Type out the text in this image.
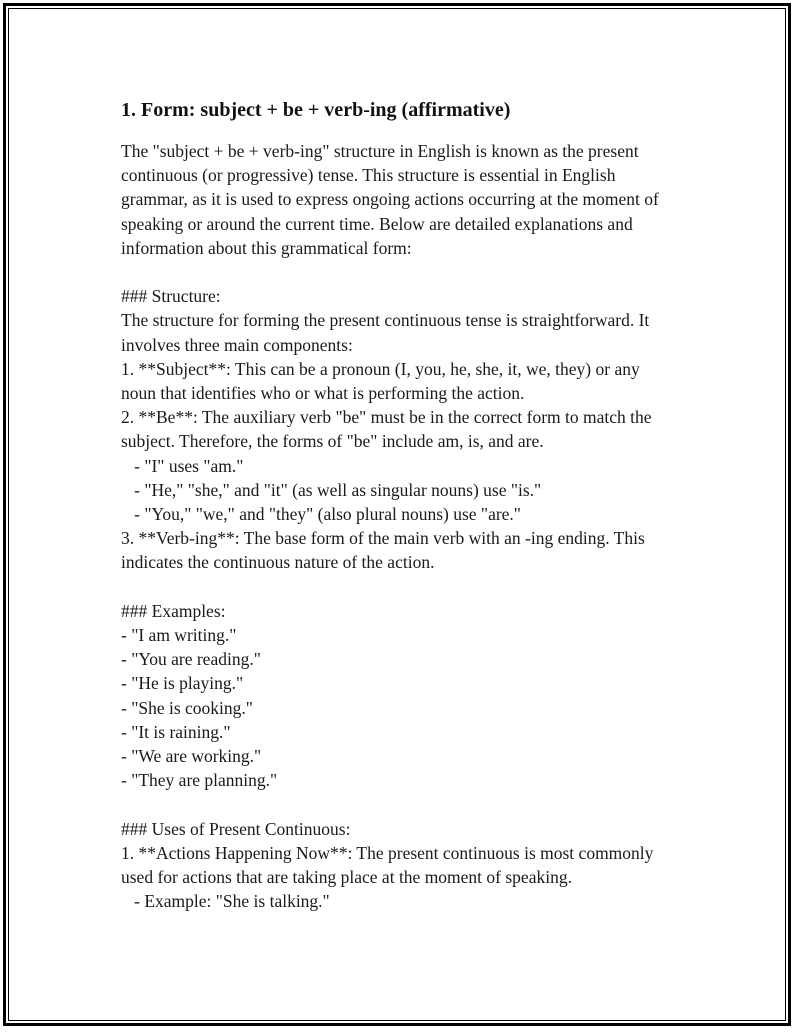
1. Form: subject + be + verb-ing (affirmative)
The "subject + be + verb-ing" structure in English is known as the present
continuous (or progressive) tense. This structure is essential in English
grammar, as it is used to express ongoing actions occurring at the moment of
speaking or around the current time. Below are detailed explanations and
information about this grammatical form:
### Structure:
The structure for forming the present continuous tense is straightforward. It
involves three main components:
1. **Subject**: This can be a pronoun (I, you, he, she, it, we, they) or any
noun that identifies who or what is performing the action.
2. **Be**: The auxiliary verb "be" must be in the correct form to match the
subject. Therefore, the forms of "be" include am, is, and are.
- "I" uses "am."
- "He," "she," and "it" (as well as singular nouns) use "is."
- "You," "we," and "they" (also plural nouns) use "are."
3. **Verb-ing**: The base form of the main verb with an -ing ending. This
indicates the continuous nature of the action.
### Examples:
- "I am writing."
- "You are reading."
- "He is playing."
- "She is cooking."
- "It is raining."
- "We are working."
- "They are planning."
### Uses of Present Continuous:
1. **Actions Happening Now**: The present continuous is most commonly
used for actions that are taking place at the moment of speaking.
- Example: "She is talking."
